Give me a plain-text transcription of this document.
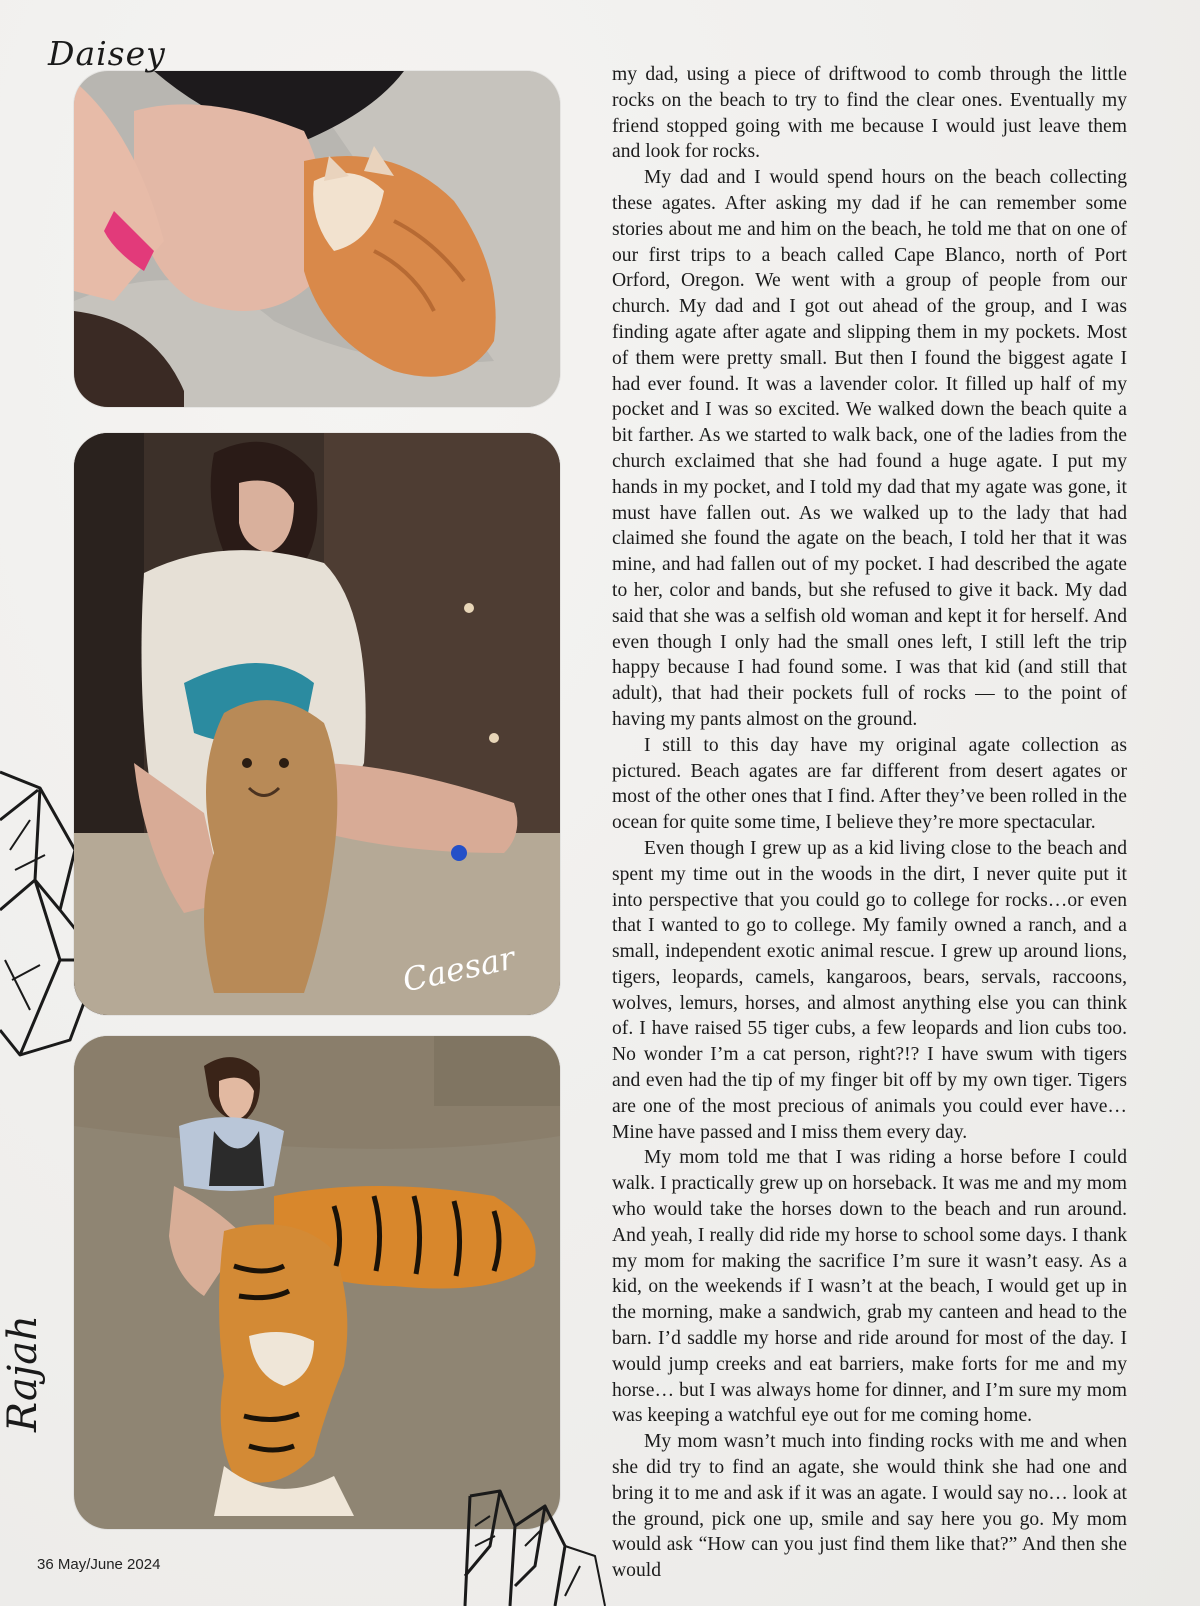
Daisey
Caesar
Rajah

my dad, using a piece of driftwood to comb through the little rocks on the beach to try to find the clear ones. Eventually my friend stopped going with me because I would just leave them and look for rocks.

My dad and I would spend hours on the beach collecting these agates. After asking my dad if he can remember some stories about me and him on the beach, he told me that on one of our first trips to a beach called Cape Blanco, north of Port Orford, Oregon. We went with a group of people from our church. My dad and I got out ahead of the group, and I was finding agate after agate and slipping them in my pockets. Most of them were pretty small. But then I found the biggest agate I had ever found. It was a lavender color. It filled up half of my pocket and I was so excited. We walked down the beach quite a bit farther. As we started to walk back, one of the ladies from the church exclaimed that she had found a huge agate. I put my hands in my pocket, and I told my dad that my agate was gone, it must have fallen out. As we walked up to the lady that had claimed she found the agate on the beach, I told her that it was mine, and had fallen out of my pocket. I had described the agate to her, color and bands, but she refused to give it back. My dad said that she was a selfish old woman and kept it for herself. And even though I only had the small ones left, I still left the trip happy because I had found some. I was that kid (and still that adult), that had their pockets full of rocks — to the point of having my pants almost on the ground.

I still to this day have my original agate collection as pictured. Beach agates are far different from desert agates or most of the other ones that I find. After they’ve been rolled in the ocean for quite some time, I believe they’re more spectacular.

Even though I grew up as a kid living close to the beach and spent my time out in the woods in the dirt, I never quite put it into perspective that you could go to college for rocks…or even that I wanted to go to college. My family owned a ranch, and a small, independent exotic animal rescue. I grew up around lions, tigers, leopards, camels, kangaroos, bears, servals, raccoons, wolves, lemurs, horses, and almost anything else you can think of. I have raised 55 tiger cubs, a few leopards and lion cubs too. No wonder I’m a cat person, right?!? I have swum with tigers and even had the tip of my finger bit off by my own tiger. Tigers are one of the most precious of animals you could ever have…Mine have passed and I miss them every day.

My mom told me that I was riding a horse before I could walk. I practically grew up on horseback. It was me and my mom who would take the horses down to the beach and run around. And yeah, I really did ride my horse to school some days. I thank my mom for making the sacrifice I’m sure it wasn’t easy. As a kid, on the weekends if I wasn’t at the beach, I would get up in the morning, make a sandwich, grab my canteen and head to the barn. I’d saddle my horse and ride around for most of the day. I would jump creeks and eat barriers, make forts for me and my horse… but I was always home for dinner, and I’m sure my mom was keeping a watchful eye out for me coming home.

My mom wasn’t much into finding rocks with me and when she did try to find an agate, she would think she had one and bring it to me and ask if it was an agate. I would say no… look at the ground, pick one up, smile and say here you go. My mom would ask “How can you just find them like that?” And then she would

36 May/June 2024
